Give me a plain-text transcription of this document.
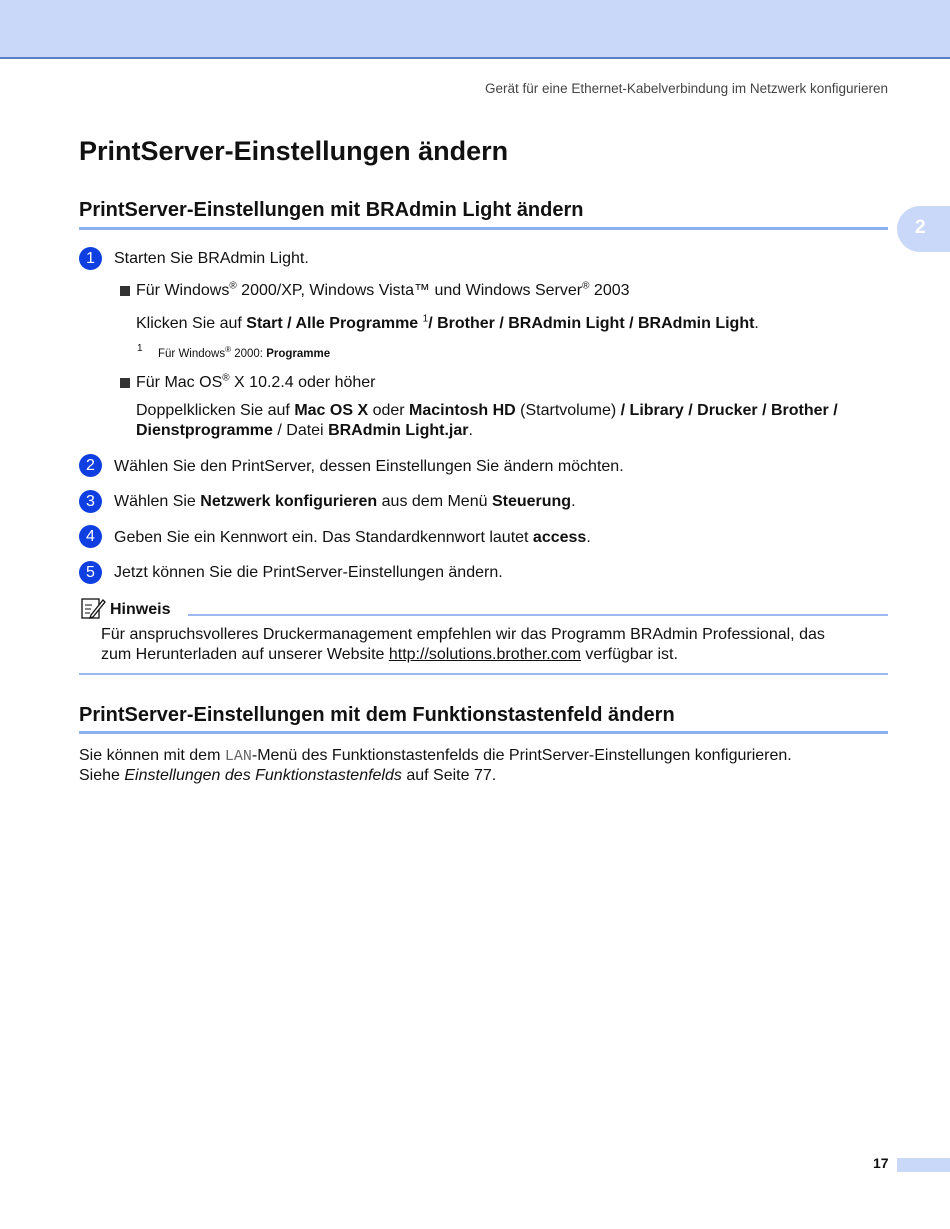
Gerät für eine Ethernet-Kabelverbindung im Netzwerk konfigurieren
2
PrintServer-Einstellungen ändern
PrintServer-Einstellungen mit BRAdmin Light ändern
1	Starten Sie BRAdmin Light.
Für Windows® 2000/XP, Windows Vista™ und Windows Server® 2003
Klicken Sie auf Start / Alle Programme $^1$/ Brother / BRAdmin Light / BRAdmin Light.
1 Für Windows® 2000: Programme
Für Mac OS® X 10.2.4 oder höher
Doppelklicken Sie auf Mac OS X oder Macintosh HD (Startvolume) / Library / Drucker / Brother /
Dienstprogramme / Datei BRAdmin Light.jar.
2	Wählen Sie den PrintServer, dessen Einstellungen Sie ändern möchten.
3	Wählen Sie Netzwerk konfigurieren aus dem Menü Steuerung.
4	Geben Sie ein Kennwort ein. Das Standardkennwort lautet access.
5	Jetzt können Sie die PrintServer-Einstellungen ändern.
Hinweis
Für anspruchsvolleres Druckermanagement empfehlen wir das Programm BRAdmin Professional, das
zum Herunterladen auf unserer Website http://solutions.brother.com verfügbar ist.
PrintServer-Einstellungen mit dem Funktionstastenfeld ändern
Sie können mit dem LAN-Menü des Funktionstastenfelds die PrintServer-Einstellungen konfigurieren.
Siehe Einstellungen des Funktionstastenfelds auf Seite 77.
17
